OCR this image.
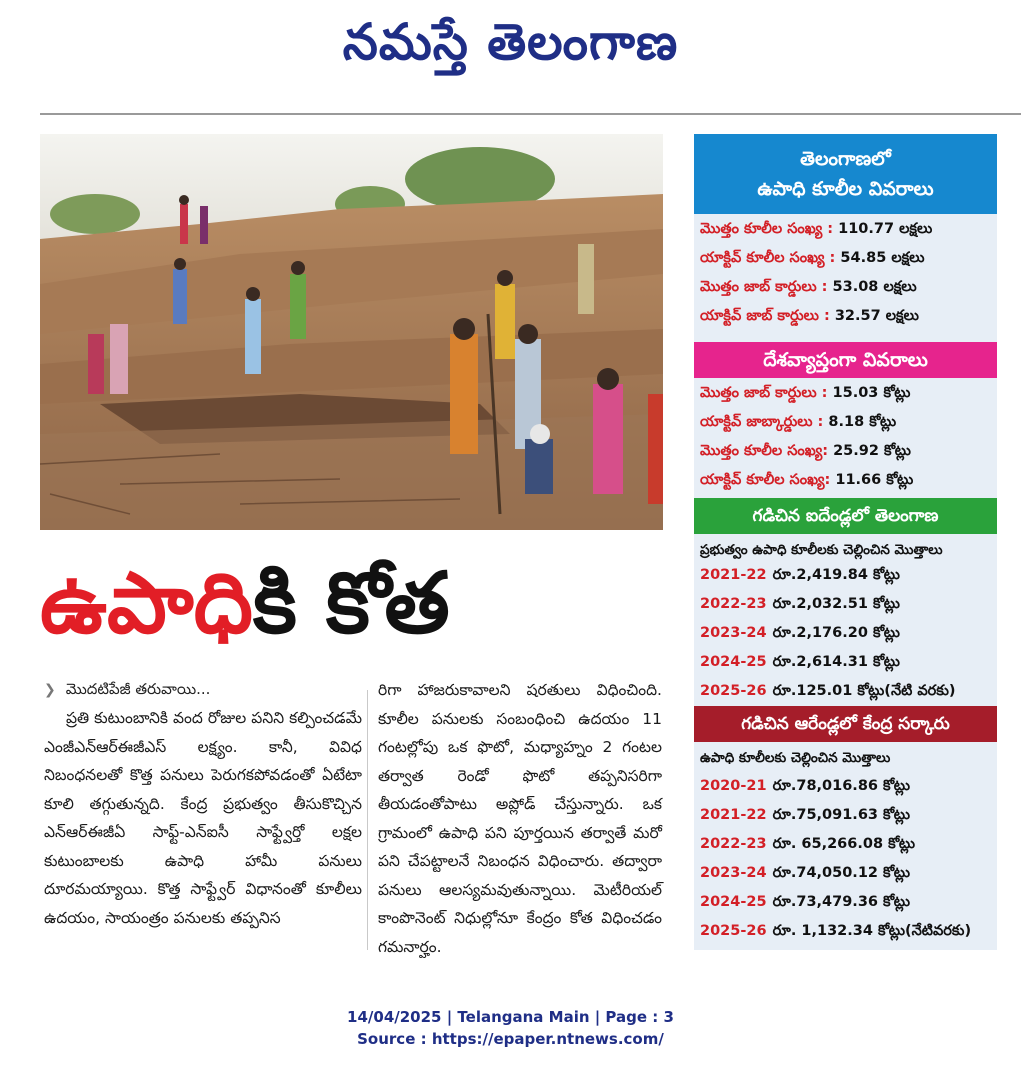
నమస్తే తెలంగాణ
ఉపాధికి కోత
❯ మొదటిపేజీ తరువాయి...
ప్రతి కుటుంబానికి వంద రోజుల పనిని కల్పించడమే ఎంజీఎన్ఆర్ఈజీఎస్ లక్ష్యం. కానీ, వివిధ నిబంధనలతో కొత్త పనులు పెరుగకపోవడంతో ఏటేటా కూలి తగ్గుతున్నది. కేంద్ర ప్రభుత్వం తీసుకొచ్చిన ఎన్ఆర్ఈజీఏ సాఫ్ట్-ఎన్ఐసీ సాఫ్ట్వేర్తో లక్షల కుటుంబాలకు ఉపాధి హామీ పనులు దూరమయ్యాయి. కొత్త సాఫ్ట్వేర్ విధానంతో కూలీలు ఉదయం, సాయంత్రం పనులకు తప్పనిస
రిగా హాజరుకావాలని షరతులు విధించింది. కూలీల పనులకు సంబంధించి ఉదయం 11 గంటల్లోపు ఒక ఫొటో, మధ్యాహ్నం 2 గంటల తర్వాత రెండో ఫొటో తప్పనిసరిగా తీయడంతోపాటు అప్లోడ్ చేస్తున్నారు. ఒక గ్రామంలో ఉపాధి పని పూర్తయిన తర్వాతే మరో పని చేపట్టాలనే నిబంధన విధించారు. తద్వారా పనులు ఆలస్యమవుతున్నాయి. మెటీరియల్ కాంపొనెంట్ నిధుల్లోనూ కేంద్రం కోత విధించడం గమనార్హం.
తెలంగాణలో
ఉపాధి కూలీల వివరాలు
మొత్తం కూలీల సంఖ్య : 110.77 లక్షలు
యాక్టివ్ కూలీల సంఖ్య : 54.85 లక్షలు
మొత్తం జాబ్ కార్డులు : 53.08 లక్షలు
యాక్టివ్ జాబ్ కార్డులు : 32.57 లక్షలు
దేశవ్యాప్తంగా వివరాలు
మొత్తం జాబ్ కార్డులు : 15.03 కోట్లు
యాక్టివ్ జాబ్కార్డులు : 8.18 కోట్లు
మొత్తం కూలీల సంఖ్య: 25.92 కోట్లు
యాక్టివ్ కూలీల సంఖ్య: 11.66 కోట్లు
గడిచిన ఐదేండ్లలో తెలంగాణ
ప్రభుత్వం ఉపాధి కూలీలకు చెల్లించిన మొత్తాలు
2021-22 రూ.2,419.84 కోట్లు
2022-23 రూ.2,032.51 కోట్లు
2023-24 రూ.2,176.20 కోట్లు
2024-25 రూ.2,614.31 కోట్లు
2025-26 రూ.125.01 కోట్లు(నేటి వరకు)
గడిచిన ఆరేండ్లలో కేంద్ర సర్కారు
ఉపాధి కూలీలకు చెల్లించిన మొత్తాలు
2020-21 రూ.78,016.86 కోట్లు
2021-22 రూ.75,091.63 కోట్లు
2022-23 రూ. 65,266.08 కోట్లు
2023-24 రూ.74,050.12 కోట్లు
2024-25 రూ.73,479.36 కోట్లు
2025-26 రూ. 1,132.34 కోట్లు(నేటివరకు)
14/04/2025 | Telangana Main | Page : 3
Source : https://epaper.ntnews.com/
